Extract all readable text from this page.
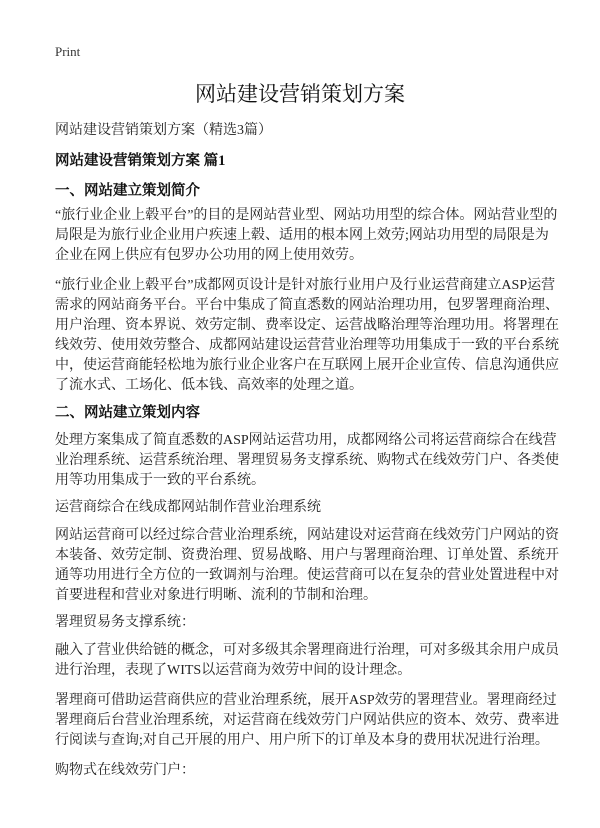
Print
网站建设营销策划方案
网站建设营销策划方案（精选3篇）
网站建设营销策划方案 篇1
一、网站建立策划简介
“旅行业企业上毂平台”的目的是网站营业型、网站功用型的综合体。网站营业型的
局限是为旅行业企业用户疾速上毂、适用的根本网上效劳;网站功用型的局限是为
企业在网上供应有包罗办公功用的网上使用效劳。
“旅行业企业上毂平台”成都网页设计是针对旅行业用户及行业运营商建立ASP运营
需求的网站商务平台。平台中集成了简直悉数的网站治理功用，包罗署理商治理、
用户治理、资本界说、效劳定制、费率设定、运营战略治理等治理功用。将署理在
线效劳、使用效劳整合、成都网站建设运营营业治理等功用集成于一致的平台系统
中，使运营商能轻松地为旅行业企业客户在互联网上展开企业宣传、信息沟通供应
了流水式、工场化、低本钱、高效率的处理之道。
二、网站建立策划内容
处理方案集成了简直悉数的ASP网站运营功用，成都网络公司将运营商综合在线营
业治理系统、运营系统治理、署理贸易务支撑系统、购物式在线效劳门户、各类使
用等功用集成于一致的平台系统。
运营商综合在线成都网站制作营业治理系统
网站运营商可以经过综合营业治理系统，网站建设对运营商在线效劳门户网站的资
本装备、效劳定制、资费治理、贸易战略、用户与署理商治理、订单处置、系统开
通等功用进行全方位的一致调剂与治理。使运营商可以在复杂的营业处置进程中对
首要进程和营业对象进行明晰、流利的节制和治理。
署理贸易务支撑系统：
融入了营业供给链的概念，可对多级其余署理商进行治理，可对多级其余用户成员
进行治理，表现了WITS以运营商为效劳中间的设计理念。
署理商可借助运营商供应的营业治理系统，展开ASP效劳的署理营业。署理商经过
署理商后台营业治理系统，对运营商在线效劳门户网站供应的资本、效劳、费率进
行阅读与查询;对自己开展的用户、用户所下的订单及本身的费用状况进行治理。
购物式在线效劳门户：
